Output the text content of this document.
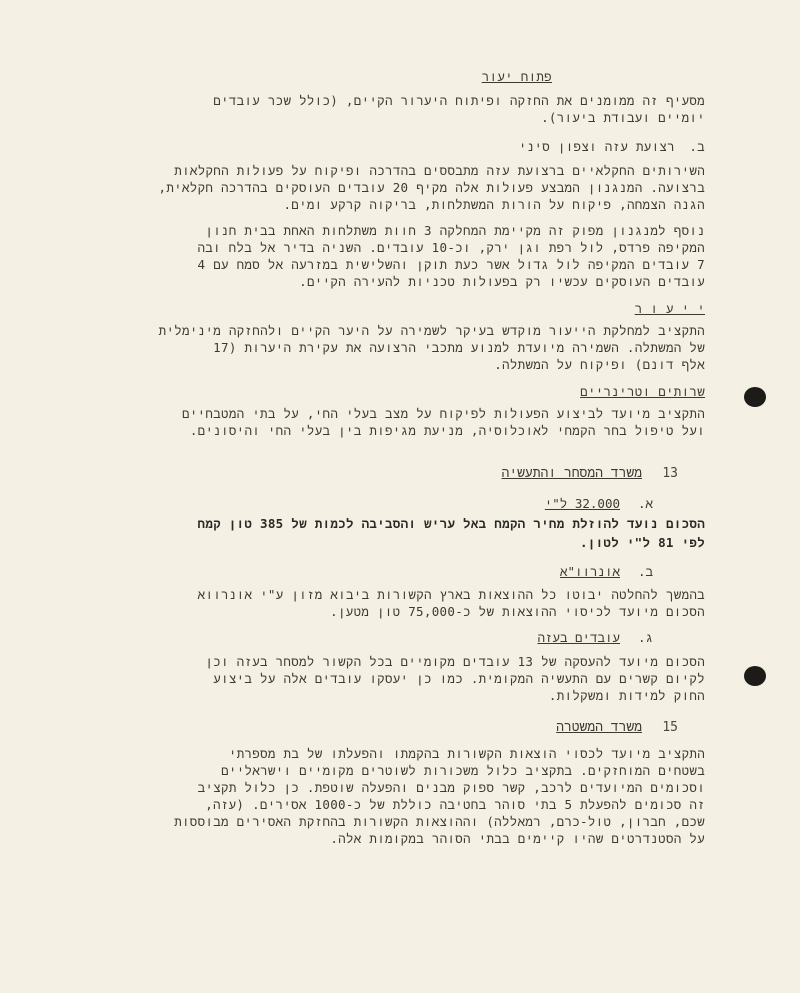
פתוח יעור
מסעיף זה ממומנים את החזקה ופיתוח היערור הקיים, (כולל שכר עובדים
יומיים ועבודת ביעור).
ב.
רצועת עזה וצפון סיני
השירותים החקלאיים ברצועת עזה מתבססים בהדרכה ופיקוח על פעולות החקלאות
ברצועה. המנגנון המבצע פעולות אלה מקיף 20 עובדים העוסקים בהדרכה חקלאית,
הגנה הצמחה, פיקוח על הורות המשתלחות, בריקוה קרקע ומים.
נוסף למנגנון מפוק זה מקיימת המחלקה 3 חוות משתלחות האחת בבית חנון
המקיפה פרדס, לול רפת וגן ירק, וכ-10 עובדים. השניה בדיר אל בלח ובה
7 עובדים המקיפה לול גדול אשר כעת תוקן והשלישית במזרעה אל סמח עם 4
עובדים העוסקים עכשיו רק בפעולות טכניות להעירה הקיים.
י י ע ו ר
התקציב למחלקת הייעור מוקדש בעיקר לשמירה על היער הקיים ולהחזקה מינימלית
של המשתלה. השמירה מיועדת למנוע מתכבי הרצועה את עקירת היערות (17
אלף דונם) ופיקוח על המשתלה.
שרותים וטרינריים
התקציב מיועד לביצוע הפעולות לפיקוח על מצב בעלי החי, על בתי המטבחיים
ועל טיפול בחר הקמחי לאוכלוסיה, מניעת מגיפות בין בעלי החי והיסונים.
13
משרד המסחר והתעשיה
א.
32.000 ל"י
הסכום נועד להוזלת מחיר הקמח באל עריש והסביבה לכמות של 385 טון קמח
לפי 81 ל"י לטון.
ב.
אונרוו"א
בהמשך להחלטה יבוטו כל ההוצאות בארץ הקשורות ביבוא מזון ע"י אונרווא
הסכום מיועד לכיסוי ההוצאות של כ-75,000 טון מטען.
ג.
עובדים בעזה
הסכום מיועד להעסקה של 13 עובדים מקומיים בכל הקשור למסחר בעזה וכן
לקיום קשרים עם התעשיה המקומית. כמו כן יעסקו עובדים אלה על ביצוע
החוק למידות ומשקלות.
15
משרד המשטרה
התקציב מיועד לכסוי הוצאות הקשורות בהקמתו והפעלתו של בת מספרתי
בשטחים המוחזקים. בתקציב כלול משכורות לשוטרים מקומיים וישראליים
וסכומים המיועדים לרכב, קשר ספוק מבנים והפעלה שוטפת. כן כלול תקציב
זה סכומים להפעלת 5 בתי סוהר בחטיבה כוללת של כ-1000 אסירים. (עזה,
שכם, חברון, טול-כרם, רמאללה) וההוצאות הקשורות בהחזקת האסירים מבוססות
על הסטנדרטים שהיו קיימים בבתי הסוהר במקומות אלה.
